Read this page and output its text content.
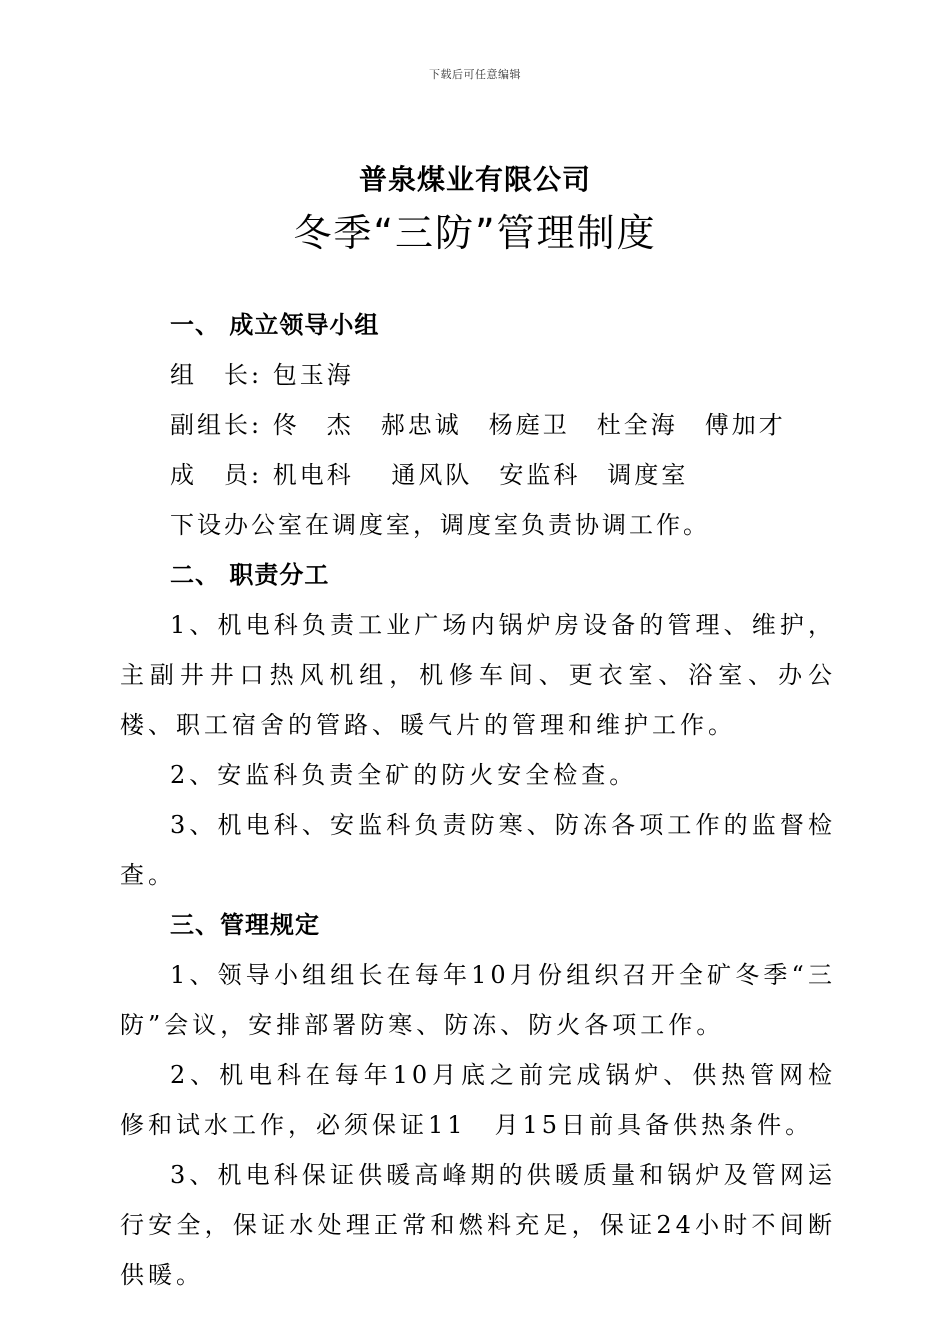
下载后可任意编辑
普泉煤业有限公司
冬季“三防”管理制度
一、 成立领导小组
组　长: 包玉海
副组长: 佟　杰　郝忠诚　杨庭卫　杜全海　傅加才
成　员: 机电科　 通风队　安监科　调度室
下设办公室在调度室，调度室负责协调工作。
二、 职责分工

1、机电科负责工业广场内锅炉房设备的管理、维护，主副井井口热风机组，机修车间、更衣室、浴室、办公楼、职工宿舍的管路、暖气片的管理和维护工作。

2、安监科负责全矿的防火安全检查。

3、机电科、安监科负责防寒、防冻各项工作的监督检查。

三、管理规定

1、领导小组组长在每年10月份组织召开全矿冬季“三防”会议，安排部署防寒、防冻、防火各项工作。

2、机电科在每年10月底之前完成锅炉、供热管网检修和试水工作，必须保证11　月15日前具备供热条件。

3、机电科保证供暖高峰期的供暖质量和锅炉及管网运行安全，保证水处理正常和燃料充足，保证24小时不间断供暖。
